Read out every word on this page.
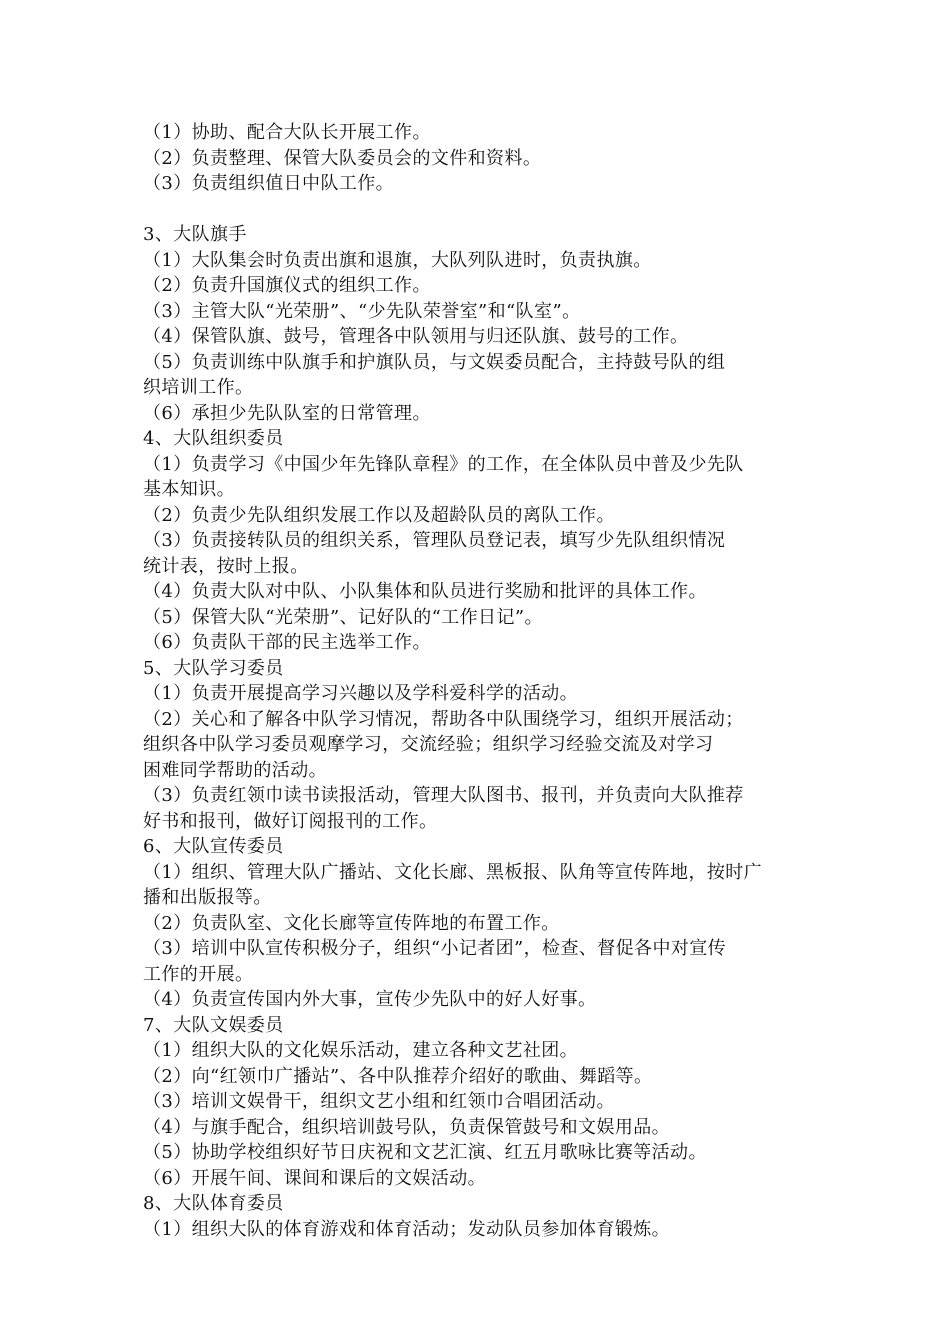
（1）协助、配合大队长开展工作。
（2）负责整理、保管大队委员会的文件和资料。
（3）负责组织值日中队工作。
3、大队旗手
（1）大队集会时负责出旗和退旗，大队列队进时，负责执旗。
（2）负责升国旗仪式的组织工作。
（3）主管大队“光荣册”、“少先队荣誉室”和“队室”。
（4）保管队旗、鼓号，管理各中队领用与归还队旗、鼓号的工作。
（5）负责训练中队旗手和护旗队员，与文娱委员配合，主持鼓号队的组
织培训工作。
（6）承担少先队队室的日常管理。
4、大队组织委员
（1）负责学习《中国少年先锋队章程》的工作，在全体队员中普及少先队
基本知识。
（2）负责少先队组织发展工作以及超龄队员的离队工作。
（3）负责接转队员的组织关系，管理队员登记表，填写少先队组织情况
统计表，按时上报。
（4）负责大队对中队、小队集体和队员进行奖励和批评的具体工作。
（5）保管大队“光荣册”、记好队的“工作日记”。
（6）负责队干部的民主选举工作。
5、大队学习委员
（1）负责开展提高学习兴趣以及学科爱科学的活动。
（2）关心和了解各中队学习情况，帮助各中队围绕学习，组织开展活动；
组织各中队学习委员观摩学习，交流经验；组织学习经验交流及对学习
困难同学帮助的活动。
（3）负责红领巾读书读报活动，管理大队图书、报刊，并负责向大队推荐
好书和报刊，做好订阅报刊的工作。
6、大队宣传委员
（1）组织、管理大队广播站、文化长廊、黑板报、队角等宣传阵地，按时广
播和出版报等。
（2）负责队室、文化长廊等宣传阵地的布置工作。
（3）培训中队宣传积极分子，组织“小记者团”，检查、督促各中对宣传
工作的开展。
（4）负责宣传国内外大事，宣传少先队中的好人好事。
7、大队文娱委员
（1）组织大队的文化娱乐活动，建立各种文艺社团。
（2）向“红领巾广播站”、各中队推荐介绍好的歌曲、舞蹈等。
（3）培训文娱骨干，组织文艺小组和红领巾合唱团活动。
（4）与旗手配合，组织培训鼓号队，负责保管鼓号和文娱用品。
（5）协助学校组织好节日庆祝和文艺汇演、红五月歌咏比赛等活动。
（6）开展午间、课间和课后的文娱活动。
8、大队体育委员
（1）组织大队的体育游戏和体育活动；发动队员参加体育锻炼。
